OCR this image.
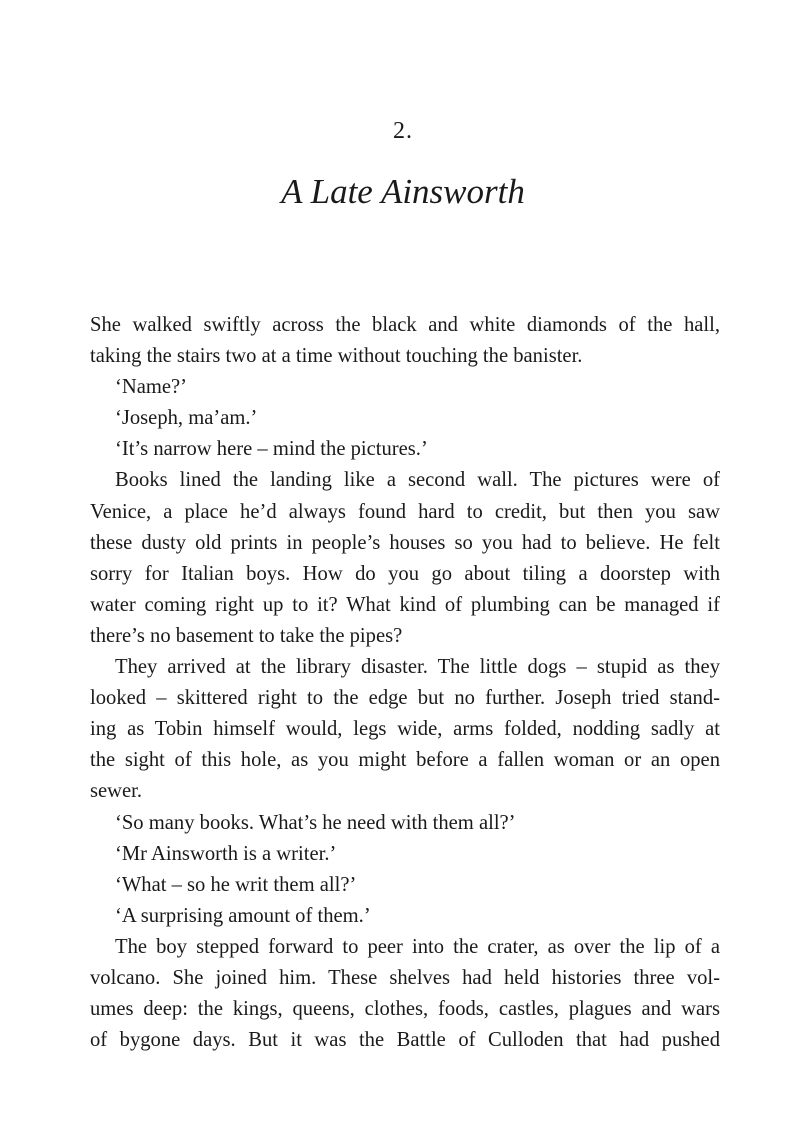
2.
A Late Ainsworth
She walked swiftly across the black and white diamonds of the hall,
taking the stairs two at a time without touching the banister.
‘Name?’
‘Joseph, ma’am.’
‘It’s narrow here – mind the pictures.’
Books lined the landing like a second wall. The pictures were of
Venice, a place he’d always found hard to credit, but then you saw
these dusty old prints in people’s houses so you had to believe. He felt
sorry for Italian boys. How do you go about tiling a doorstep with
water coming right up to it? What kind of plumbing can be managed if
there’s no basement to take the pipes?
They arrived at the library disaster. The little dogs – stupid as they
looked – skittered right to the edge but no further. Joseph tried stand-
ing as Tobin himself would, legs wide, arms folded, nodding sadly at
the sight of this hole, as you might before a fallen woman or an open
sewer.
‘So many books. What’s he need with them all?’
‘Mr Ainsworth is a writer.’
‘What – so he writ them all?’
‘A surprising amount of them.’
The boy stepped forward to peer into the crater, as over the lip of a
volcano. She joined him. These shelves had held histories three vol-
umes deep: the kings, queens, clothes, foods, castles, plagues and wars
of bygone days. But it was the Battle of Culloden that had pushed
